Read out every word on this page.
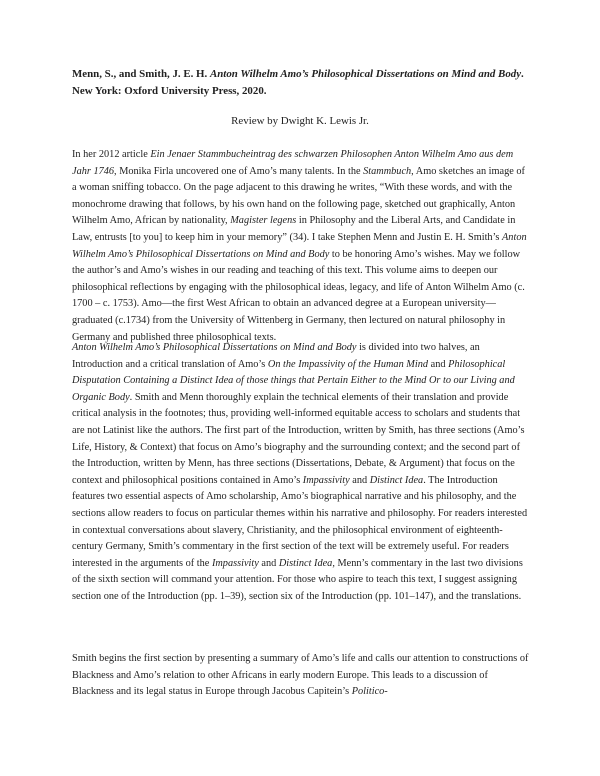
Menn, S., and Smith, J. E. H. Anton Wilhelm Amo’s Philosophical Dissertations on Mind and Body. New York: Oxford University Press, 2020.

Review by Dwight K. Lewis Jr.

In her 2012 article Ein Jenaer Stammbucheintrag des schwarzen Philosophen Anton Wilhelm Amo aus dem Jahr 1746, Monika Firla uncovered one of Amo’s many talents. In the Stammbuch, Amo sketches an image of a woman sniffing tobacco. On the page adjacent to this drawing he writes, “With these words, and with the monochrome drawing that follows, by his own hand on the following page, sketched out graphically, Anton Wilhelm Amo, African by nationality, Magister legens in Philosophy and the Liberal Arts, and Candidate in Law, entrusts [to you] to keep him in your memory” (34). I take Stephen Menn and Justin E. H. Smith’s Anton Wilhelm Amo’s Philosophical Dissertations on Mind and Body to be honoring Amo’s wishes. May we follow the author’s and Amo’s wishes in our reading and teaching of this text. This volume aims to deepen our philosophical reflections by engaging with the philosophical ideas, legacy, and life of Anton Wilhelm Amo (c. 1700 – c. 1753). Amo—the first West African to obtain an advanced degree at a European university—graduated (c.1734) from the University of Wittenberg in Germany, then lectured on natural philosophy in Germany and published three philosophical texts.

Anton Wilhelm Amo’s Philosophical Dissertations on Mind and Body is divided into two halves, an Introduction and a critical translation of Amo’s On the Impassivity of the Human Mind and Philosophical Disputation Containing a Distinct Idea of those things that Pertain Either to the Mind Or to our Living and Organic Body. Smith and Menn thoroughly explain the technical elements of their translation and provide critical analysis in the footnotes; thus, providing well-informed equitable access to scholars and students that are not Latinist like the authors. The first part of the Introduction, written by Smith, has three sections (Amo’s Life, History, & Context) that focus on Amo’s biography and the surrounding context; and the second part of the Introduction, written by Menn, has three sections (Dissertations, Debate, & Argument) that focus on the context and philosophical positions contained in Amo’s Impassivity and Distinct Idea. The Introduction features two essential aspects of Amo scholarship, Amo’s biographical narrative and his philosophy, and the sections allow readers to focus on particular themes within his narrative and philosophy. For readers interested in contextual conversations about slavery, Christianity, and the philosophical environment of eighteenth-century Germany, Smith’s commentary in the first section of the text will be extremely useful. For readers interested in the arguments of the Impassivity and Distinct Idea, Menn’s commentary in the last two divisions of the sixth section will command your attention. For those who aspire to teach this text, I suggest assigning section one of the Introduction (pp. 1–39), section six of the Introduction (pp. 101–147), and the translations.

Smith begins the first section by presenting a summary of Amo’s life and calls our attention to constructions of Blackness and Amo’s relation to other Africans in early modern Europe. This leads to a discussion of Blackness and its legal status in Europe through Jacobus Capitein’s Politico-
